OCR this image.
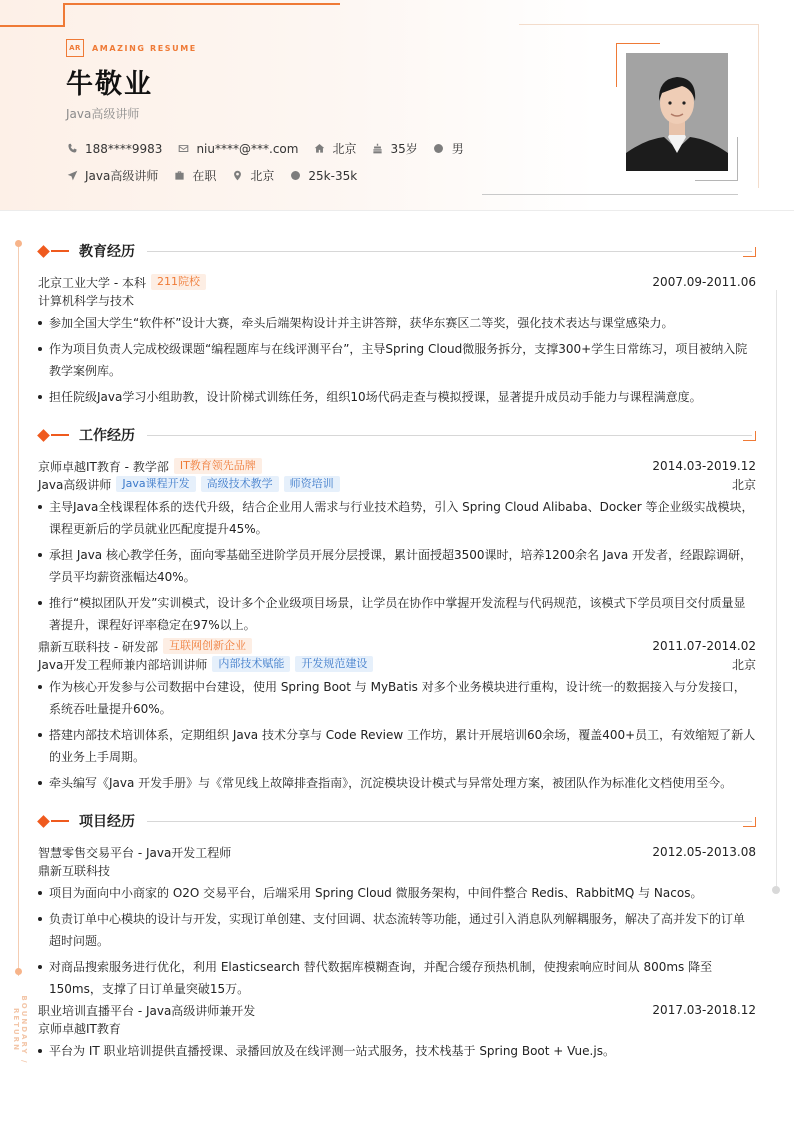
AR	AMAZING RESUME
牛敬业
Java高级讲师
188****9983	niu****@***.com	北京	35岁	男
Java高级讲师	在职	北京	25k-35k
BOUNDARY / RETURN
教育经历
北京工业大学 - 本科	211院校	2007.09-2011.06
计算机科学与技术
参加全国大学生“软件杯”设计大赛，牵头后端架构设计并主讲答辩，获华东赛区二等奖，强化技术表达与课堂感染力。
作为项目负责人完成校级课题“编程题库与在线评测平台”，主导Spring Cloud微服务拆分，支撑300+学生日常练习，项目被纳入院教学案例库。
担任院级Java学习小组助教，设计阶梯式训练任务，组织10场代码走查与模拟授课，显著提升成员动手能力与课程满意度。
工作经历
京师卓越IT教育 - 教学部	IT教育领先品牌	2014.03-2019.12
Java高级讲师	Java课程开发	高级技术教学	师资培训	北京
主导Java全栈课程体系的迭代升级，结合企业用人需求与行业技术趋势，引入 Spring Cloud Alibaba、Docker 等企业级实战模块，课程更新后的学员就业匹配度提升45%。
承担 Java 核心教学任务，面向零基础至进阶学员开展分层授课，累计面授超3500课时，培养1200余名 Java 开发者，经跟踪调研，学员平均薪资涨幅达40%。
推行“模拟团队开发”实训模式，设计多个企业级项目场景，让学员在协作中掌握开发流程与代码规范，该模式下学员项目交付质量显著提升，课程好评率稳定在97%以上。
鼎新互联科技 - 研发部	互联网创新企业	2011.07-2014.02
Java开发工程师兼内部培训讲师	内部技术赋能	开发规范建设	北京
作为核心开发参与公司数据中台建设，使用 Spring Boot 与 MyBatis 对多个业务模块进行重构，设计统一的数据接入与分发接口，系统吞吐量提升60%。
搭建内部技术培训体系，定期组织 Java 技术分享与 Code Review 工作坊，累计开展培训60余场，覆盖400+员工，有效缩短了新人的业务上手周期。
牵头编写《Java 开发手册》与《常见线上故障排查指南》，沉淀模块设计模式与异常处理方案，被团队作为标准化文档使用至今。
项目经历
智慧零售交易平台 - Java开发工程师	2012.05-2013.08
鼎新互联科技
项目为面向中小商家的 O2O 交易平台，后端采用 Spring Cloud 微服务架构，中间件整合 Redis、RabbitMQ 与 Nacos。
负责订单中心模块的设计与开发，实现订单创建、支付回调、状态流转等功能，通过引入消息队列解耦服务，解决了高并发下的订单超时问题。
对商品搜索服务进行优化，利用 Elasticsearch 替代数据库模糊查询，并配合缓存预热机制，使搜索响应时间从 800ms 降至 150ms，支撑了日订单量突破15万。
职业培训直播平台 - Java高级讲师兼开发	2017.03-2018.12
京师卓越IT教育
平台为 IT 职业培训提供直播授课、录播回放及在线评测一站式服务，技术栈基于 Spring Boot + Vue.js。
